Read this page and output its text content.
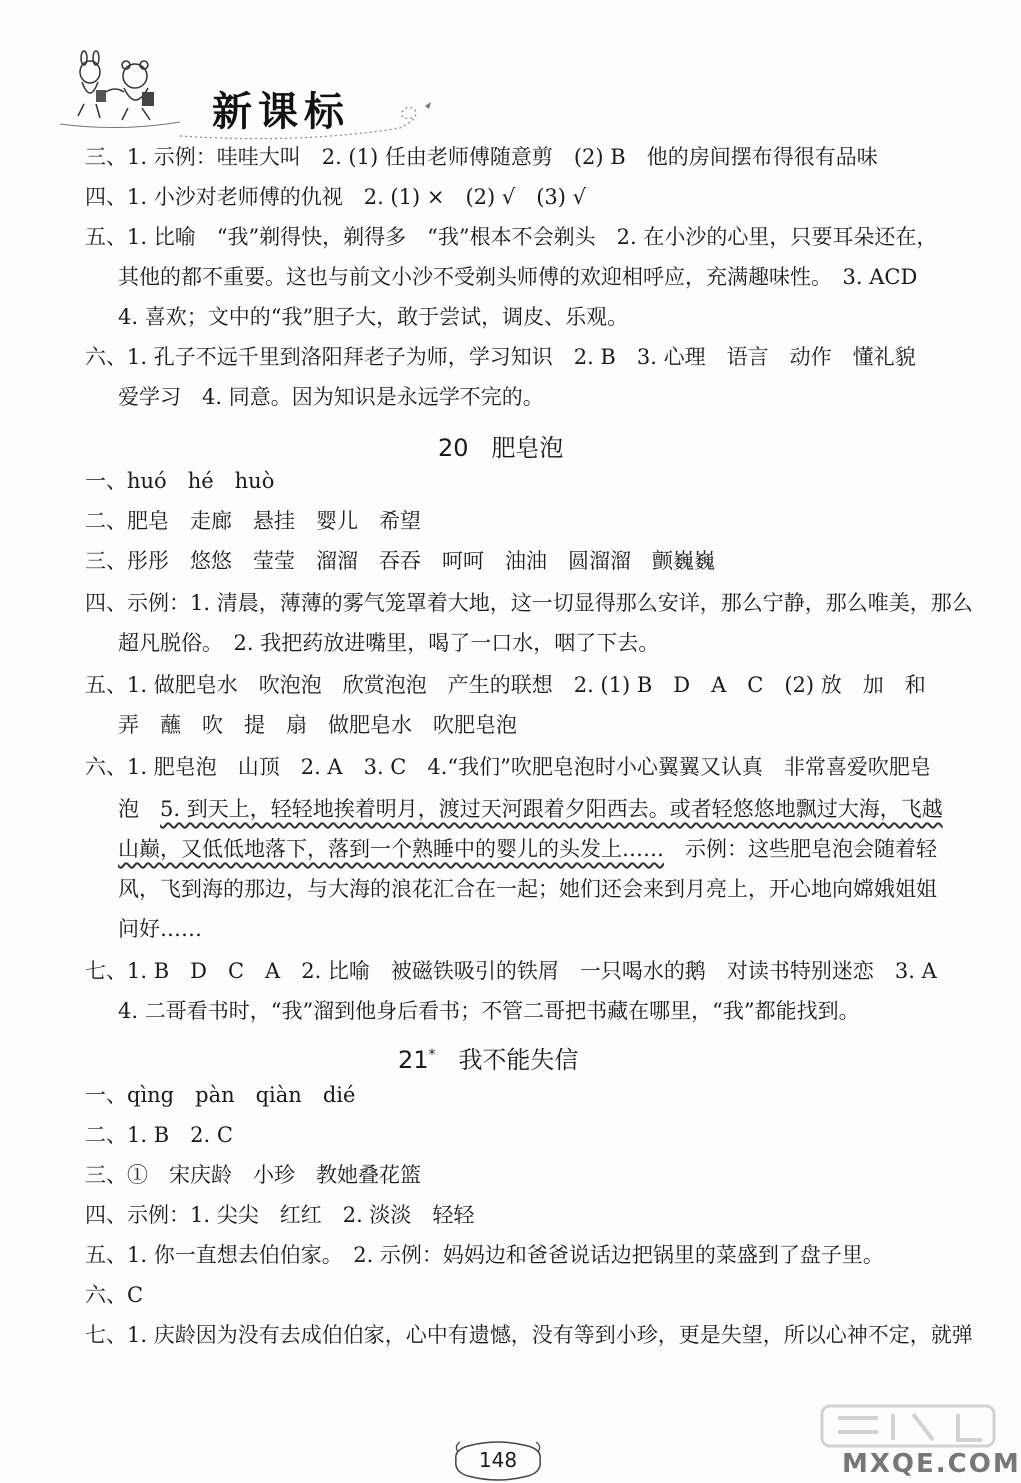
新课标
三、1. 示例：哇哇大叫　2. (1) 任由老师傅随意剪　(2) B　他的房间摆布得很有品味
四、1. 小沙对老师傅的仇视　2. (1) ×　(2) √　(3) √
五、1. 比喻　“我”剃得快，剃得多　“我”根本不会剃头　2. 在小沙的心里，只要耳朵还在，
其他的都不重要。这也与前文小沙不受剃头师傅的欢迎相呼应，充满趣味性。　3. ACD
4. 喜欢；文中的“我”胆子大，敢于尝试，调皮、乐观。
六、1. 孔子不远千里到洛阳拜老子为师，学习知识　2. B　3. 心理　语言　动作　懂礼貌
爱学习　4. 同意。因为知识是永远学不完的。
20 肥皂泡
一、huó　hé　huò
二、肥皂　走廊　悬挂　婴儿　希望
三、彤彤　悠悠　莹莹　溜溜　吞吞　呵呵　油油　圆溜溜　颤巍巍
四、示例：1. 清晨，薄薄的雾气笼罩着大地，这一切显得那么安详，那么宁静，那么唯美，那么
超凡脱俗。　2. 我把药放进嘴里，喝了一口水，咽了下去。
五、1. 做肥皂水　吹泡泡　欣赏泡泡　产生的联想　2. (1) B　D　A　C　(2) 放　加　和
弄　蘸　吹　提　扇　做肥皂水　吹肥皂泡
六、1. 肥皂泡　山顶　2. A　3. C　4.“我们”吹肥皂泡时小心翼翼又认真　非常喜爱吹肥皂
泡　5. 到天上，轻轻地挨着明月，渡过天河跟着夕阳西去。或者轻悠悠地飘过大海，飞越
山巅，又低低地落下，落到一个熟睡中的婴儿的头发上……　示例：这些肥皂泡会随着轻
风，飞到海的那边，与大海的浪花汇合在一起；她们还会来到月亮上，开心地向嫦娥姐姐
问好……
七、1. B　D　C　A　2. 比喻　被磁铁吸引的铁屑　一只喝水的鹅　对读书特别迷恋　3. A
4. 二哥看书时，“我”溜到他身后看书；不管二哥把书藏在哪里，“我”都能找到。
21* 我不能失信
一、qìng　pàn　qiàn　dié
二、1. B　2. C
三、①　宋庆龄　小珍　教她叠花篮
四、示例：1. 尖尖　红红　2. 淡淡　轻轻
五、1. 你一直想去伯伯家。　2. 示例：妈妈边和爸爸说话边把锅里的菜盛到了盘子里。
六、C
七、1. 庆龄因为没有去成伯伯家，心中有遗憾，没有等到小珍，更是失望，所以心神不定，就弹
148	MXQE.COM
